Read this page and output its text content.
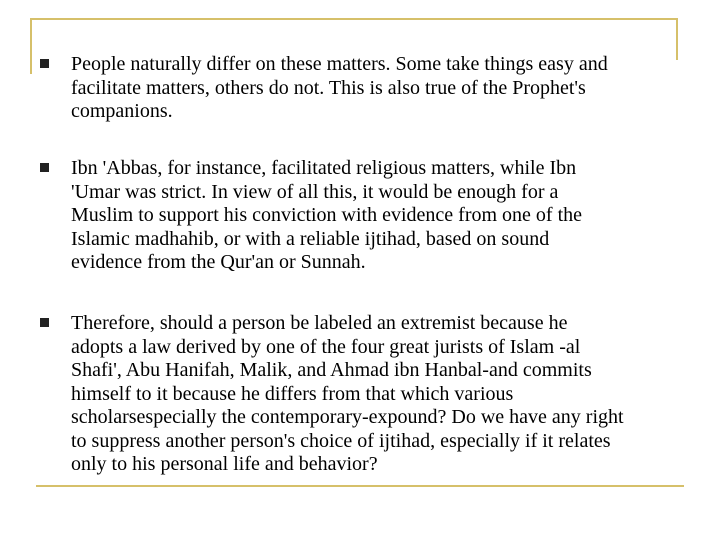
People naturally differ on these matters. Some take things easy and
facilitate matters, others do not. This is also true of the Prophet's
companions.
Ibn 'Abbas, for instance, facilitated religious matters, while Ibn
'Umar was strict. In view of all this, it would be enough for a
Muslim to support his conviction with evidence from one of the
Islamic madhahib, or with a reliable ijtihad, based on sound
evidence from the Qur'an or Sunnah.
Therefore, should a person be labeled an extremist because he
adopts a law derived by one of the four great jurists of Islam -al
Shafi', Abu Hanifah, Malik, and Ahmad ibn Hanbal-and commits
himself to it because he differs from that which various
scholarsespecially the contemporary-expound? Do we have any right
to suppress another person's choice of ijtihad, especially if it relates
only to his personal life and behavior?
